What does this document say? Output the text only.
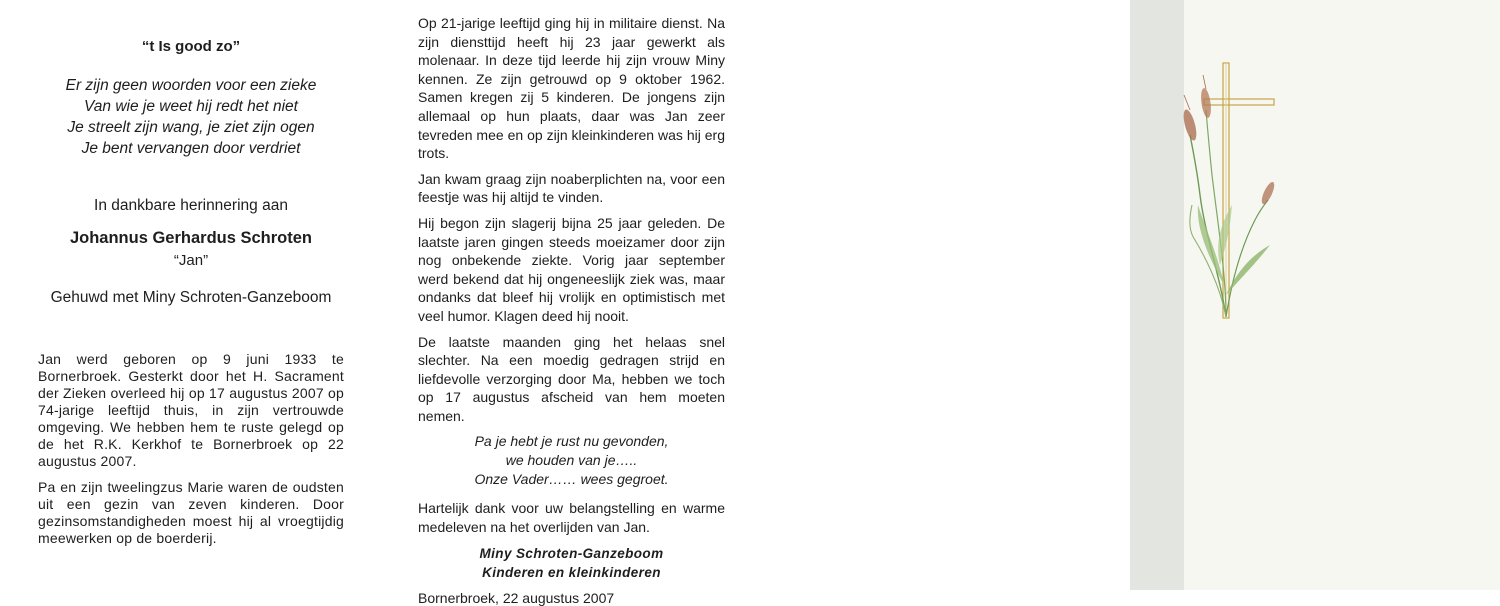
“t Is good zo”
Er zijn geen woorden voor een zieke
Van wie je weet hij redt het niet
Je streelt zijn wang, je ziet zijn ogen
Je bent vervangen door verdriet
In dankbare herinnering aan
Johannus Gerhardus Schroten
“Jan”
Gehuwd met Miny Schroten-Ganzeboom

Jan werd geboren op 9 juni 1933 te Bornerbroek. Gesterkt door het H. Sacrament der Zieken overleed hij op 17 augustus 2007 op 74-jarige leeftijd thuis, in zijn vertrouwde omgeving. We hebben hem te ruste gelegd op de het R.K. Kerkhof te Bornerbroek op 22 augustus 2007.

Pa en zijn tweelingzus Marie waren de oudsten uit een gezin van zeven kinderen. Door gezinsomstandigheden moest hij al vroegtijdig meewerken op de boerderij.

Op 21-jarige leeftijd ging hij in militaire dienst. Na zijn diensttijd heeft hij 23 jaar gewerkt als molenaar. In deze tijd leerde hij zijn vrouw Miny kennen. Ze zijn getrouwd op 9 oktober 1962. Samen kregen zij 5 kinderen. De jongens zijn allemaal op hun plaats, daar was Jan zeer tevreden mee en op zijn kleinkinderen was hij erg trots.

Jan kwam graag zijn noaberplichten na, voor een feestje was hij altijd te vinden.

Hij begon zijn slagerij bijna 25 jaar geleden. De laatste jaren gingen steeds moeizamer door zijn nog onbekende ziekte. Vorig jaar september werd bekend dat hij ongeneeslijk ziek was, maar ondanks dat bleef hij vrolijk en optimistisch met veel humor. Klagen deed hij nooit.

De laatste maanden ging het helaas snel slechter. Na een moedig gedragen strijd en liefdevolle verzorging door Ma, hebben we toch op 17 augustus afscheid van hem moeten nemen.

Pa je hebt je rust nu gevonden,
we houden van je…..
Onze Vader…… wees gegroet.

Hartelijk dank voor uw belangstelling en warme medeleven na het overlijden van Jan.

Miny Schroten-Ganzeboom
Kinderen en kleinkinderen
Bornerbroek, 22 augustus 2007
